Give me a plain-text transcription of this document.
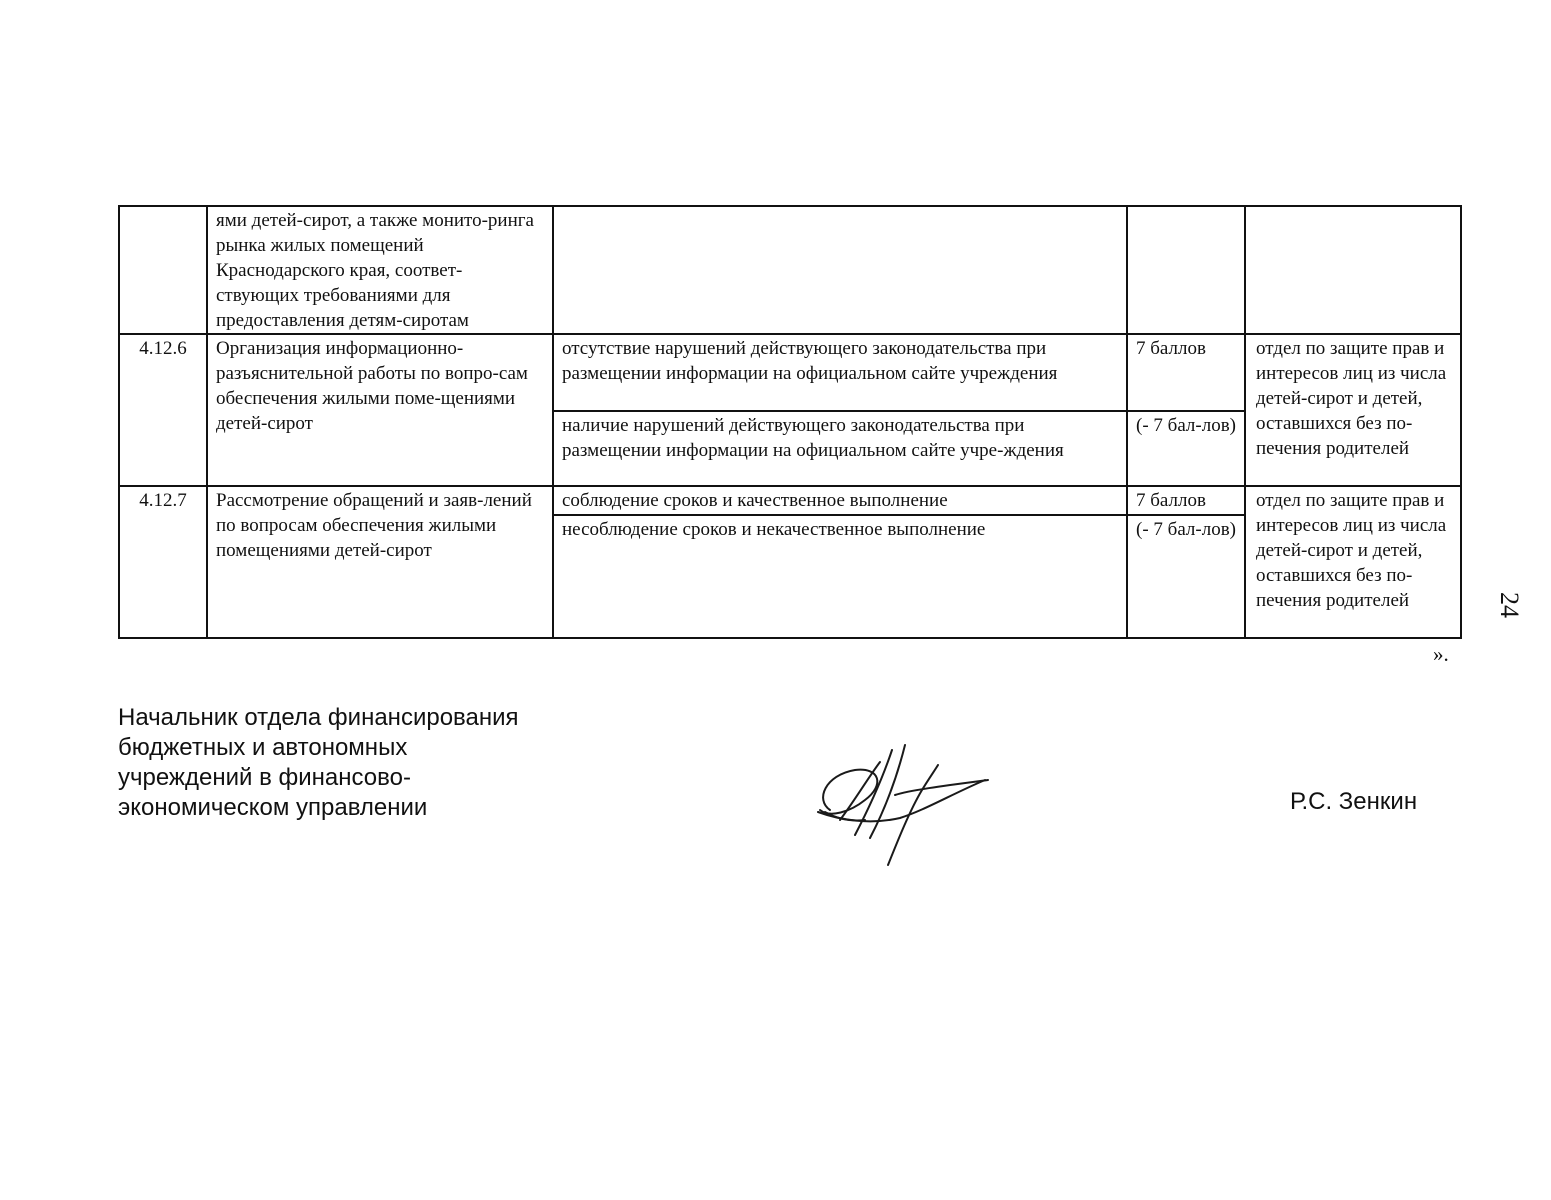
	ями детей-сирот, а также монито-ринга рынка жилых помещений Краснодарского края, соответ-ствующих требованиями для предоставления детям-сиротам			
4.12.6	Организация информационно-разъяснительной работы по вопро-сам обеспечения жилыми поме-щениями детей-сирот	отсутствие нарушений действующего законодательства при размещении информации на официальном сайте учреждения	7 баллов	отдел по защите прав и интересов лиц из числа детей-сирот и детей, оставшихся без по-печения родителей
		наличие нарушений действующего законодательства при размещении информации на официальном сайте учре-ждения	(- 7 бал-лов)	
4.12.7	Рассмотрение обращений и заяв-лений по вопросам обеспечения жилыми помещениями детей-сирот	соблюдение сроков и качественное выполнение	7 баллов	отдел по защите прав и интересов лиц из числа детей-сирот и детей, оставшихся без по-печения родителей
		несоблюдение сроков и некачественное выполнение	(- 7 бал-лов)	
».
24
Начальник отдела финансирования
бюджетных и автономных
учреждений в финансово-
экономическом управлении	Р.С. Зенкин
